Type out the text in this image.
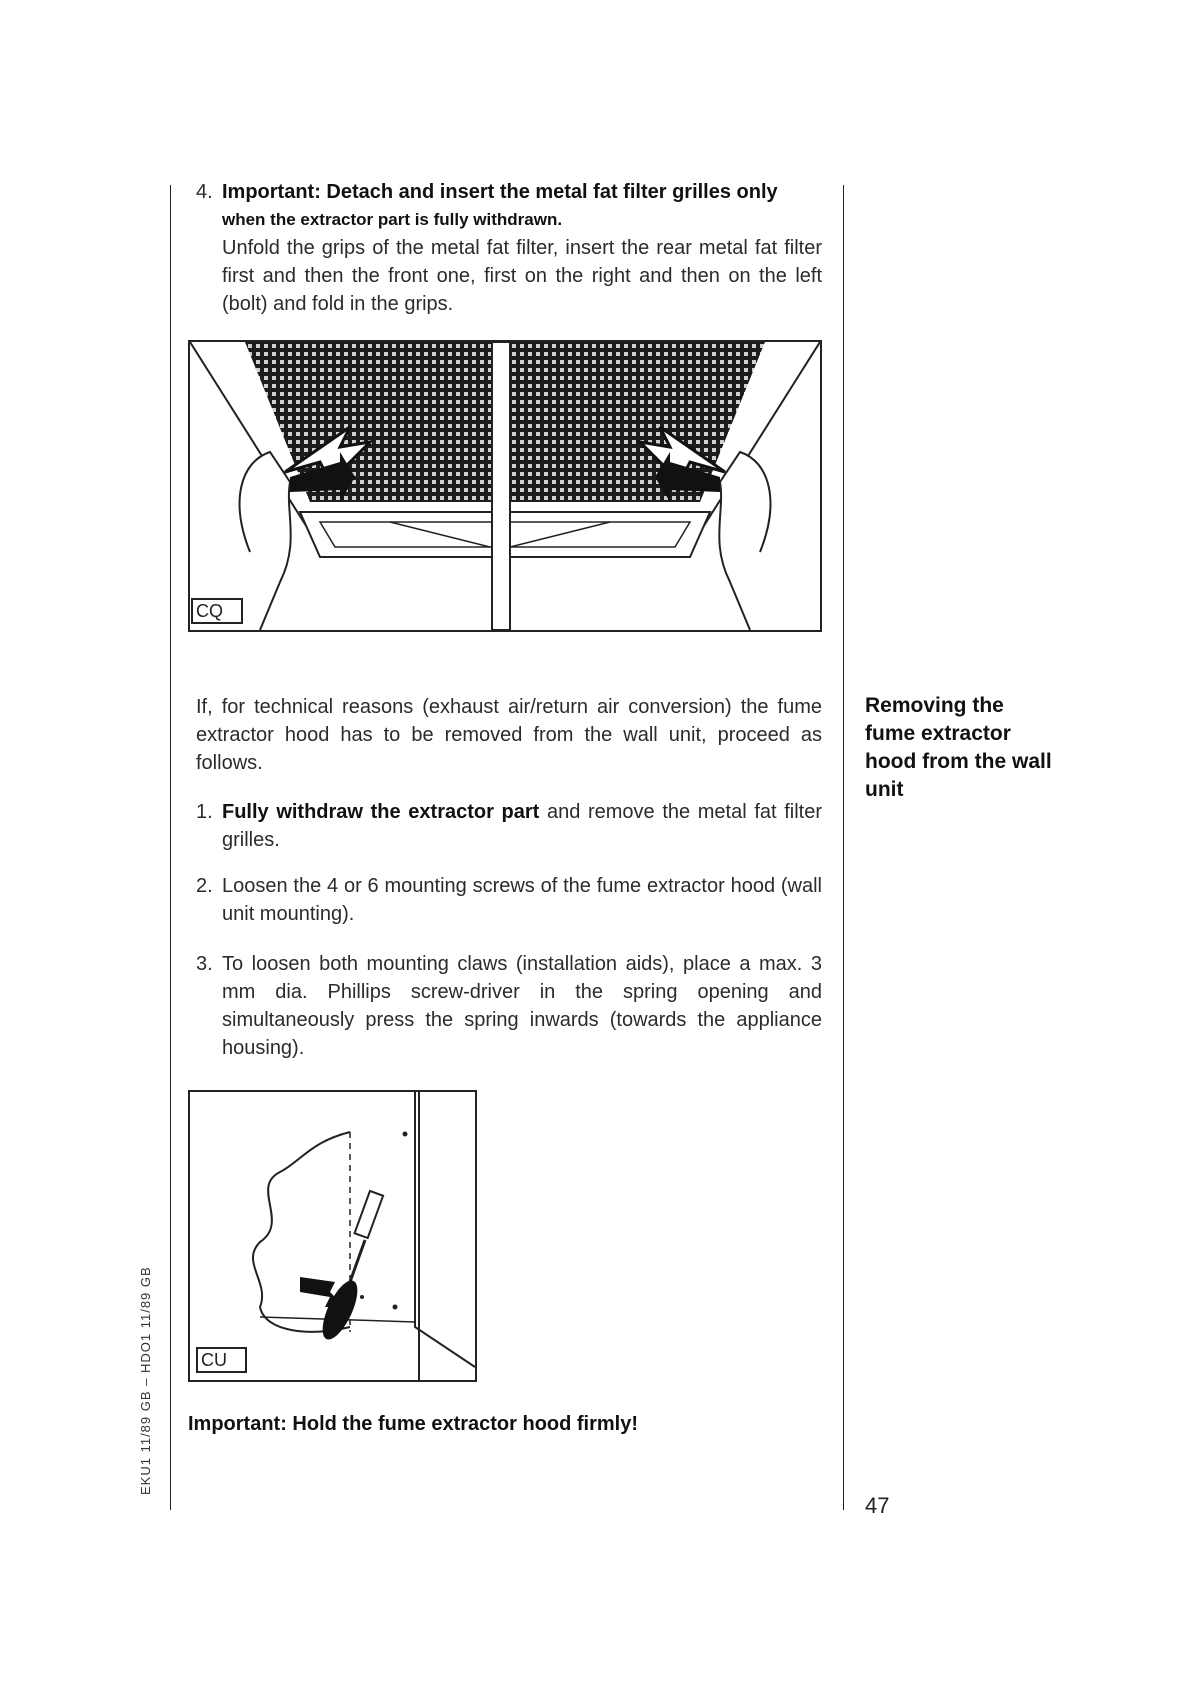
4. Important: Detach and insert the metal fat filter grilles only
when the extractor part is fully withdrawn.
Unfold the grips of the metal fat filter, insert the rear metal fat filter first and then the front one, first on the right and then on the left (bolt) and fold in the grips.
CQ
If, for technical reasons (exhaust air/return air conversion) the fume extractor hood has to be removed from the wall unit, proceed as follows.
Removing the fume extractor hood from the wall unit
1. Fully withdraw the extractor part and remove the metal fat filter grilles.
2. Loosen the 4 or 6 mounting screws of the fume extractor hood (wall unit mounting).
3. To loosen both mounting claws (installation aids), place a max. 3 mm dia. Phillips screw-driver in the spring opening and simultaneously press the spring inwards (towards the appliance housing).
CU
Important: Hold the fume extractor hood firmly!
47
EKU1 11/89 GB – HDO1 11/89 GB
